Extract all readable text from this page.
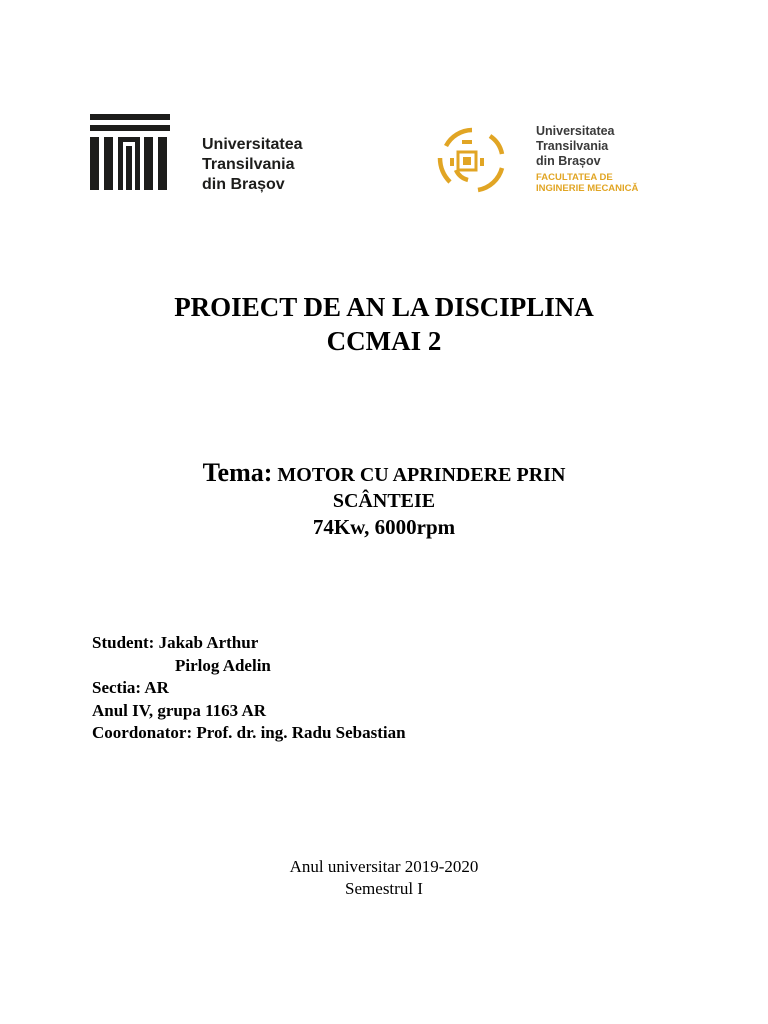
Universitatea
Transilvania
din Brașov
Universitatea
Transilvania
din Brașov
FACULTATEA DE
INGINERIE MECANICĂ
PROIECT DE AN LA DISCIPLINA
CCMAI 2
Tema: MOTOR CU APRINDERE PRIN
SCÂNTEIE
74Kw, 6000rpm
Student: Jakab Arthur
Pirlog Adelin
Sectia: AR
Anul IV, grupa 1163 AR
Coordonator: Prof. dr. ing. Radu Sebastian
Anul universitar 2019-2020
Semestrul I
